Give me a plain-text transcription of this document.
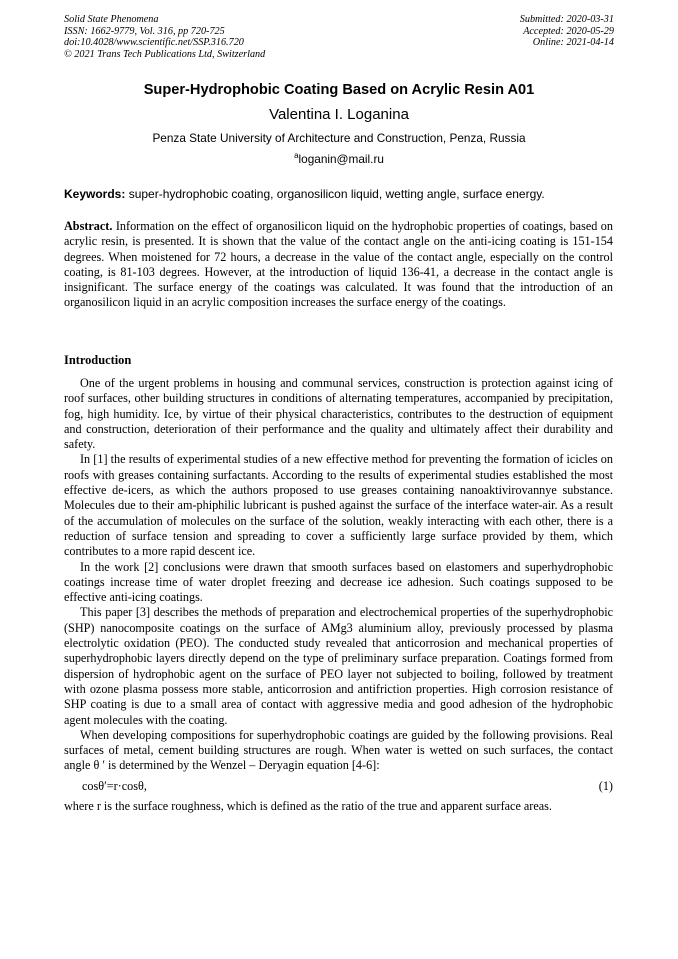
Solid State Phenomena
ISSN: 1662-9779, Vol. 316, pp 720-725
doi:10.4028/www.scientific.net/SSP.316.720
© 2021 Trans Tech Publications Ltd, Switzerland
Submitted: 2020-03-31
Accepted: 2020-05-29
Online: 2021-04-14
Super-Hydrophobic Coating Based on Acrylic Resin A01
Valentina I. Loganina
Penza State University of Architecture and Construction, Penza, Russia
$^a$loganin@mail.ru
Keywords: super-hydrophobic coating, organosilicon liquid, wetting angle, surface energy.
Abstract. Information on the effect of organosilicon liquid on the hydrophobic properties of coatings, based on acrylic resin, is presented. It is shown that the value of the contact angle on the anti-icing coating is 151-154 degrees. When moistened for 72 hours, a decrease in the value of the contact angle, especially on the control coating, is 81-103 degrees. However, at the introduction of liquid 136-41, a decrease in the contact angle is insignificant. The surface energy of the coatings was calculated. It was found that the introduction of an organosilicon liquid in an acrylic composition increases the surface energy of the coatings.
Introduction

One of the urgent problems in housing and communal services, construction is protection against icing of roof surfaces, other building structures in conditions of alternating temperatures, accompanied by precipitation, fog, high humidity. Ice, by virtue of their physical characteristics, contributes to the destruction of equipment and construction, deterioration of their performance and the quality and ultimately affect their durability and safety.

In [1] the results of experimental studies of a new effective method for preventing the formation of icicles on roofs with greases containing surfactants. According to the results of experimental studies established the most effective de-icers, as which the authors proposed to use greases containing nanoaktivirovannye substance. Molecules due to their am-phiphilic lubricant is pushed against the surface of the interface water-air. As a result of the accumulation of molecules on the surface of the solution, weakly interacting with each other, there is a reduction of surface tension and spreading to cover a sufficiently large surface provided by them, which contributes to a more rapid descent ice.

In the work [2] conclusions were drawn that smooth surfaces based on elastomers and superhydrophobic coatings increase time of water droplet freezing and decrease ice adhesion. Such coatings supposed to be effective anti-icing coatings.

This paper [3] describes the methods of preparation and electrochemical properties of the superhydrophobic (SHP) nanocomposite coatings on the surface of AMg3 aluminium alloy, previously processed by plasma electrolytic oxidation (PEO). The conducted study revealed that anticorrosion and mechanical properties of superhydrophobic layers directly depend on the type of preliminary surface preparation. Coatings formed from dispersion of hydrophobic agent on the surface of PEO layer not subjected to boiling, followed by treatment with ozone plasma possess more stable, anticorrosion and antifriction properties. High corrosion resistance of SHP coating is due to a small area of contact with aggressive media and good adhesion of the hydrophobic agent molecules with the coating.

When developing compositions for superhydrophobic coatings are guided by the following provisions. Real surfaces of metal, cement building structures are rough. When water is wetted on such surfaces, the contact angle θ ′ is determined by the Wenzel – Deryagin equation [4-6]:

cosθ′=r·cosθ,	(1)

where r is the surface roughness, which is defined as the ratio of the true and apparent surface areas.
